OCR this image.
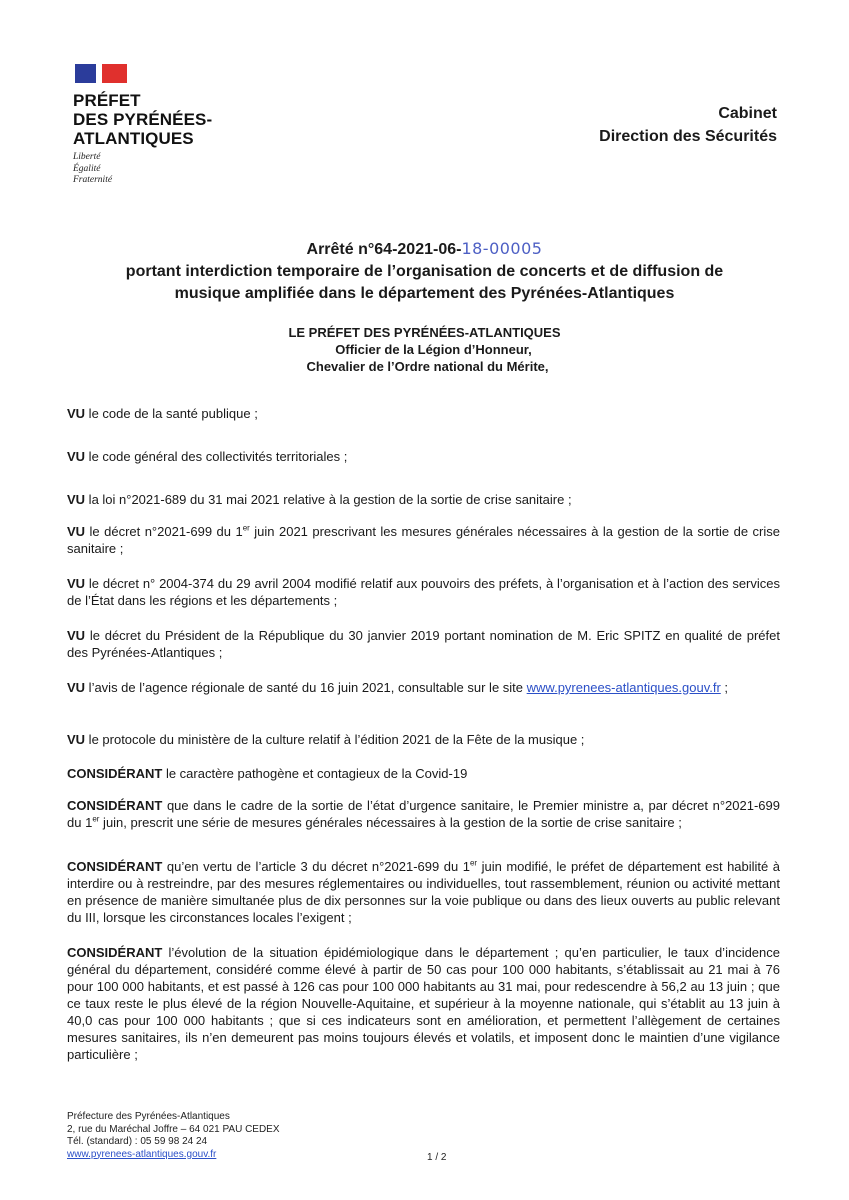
PRÉFET
DES PYRÉNÉES-
ATLANTIQUES
Liberté
Égalité
Fraternité
Cabinet
Direction des Sécurités
Arrêté n°64-2021-06-18-00005
portant interdiction temporaire de l’organisation de concerts et de diffusion de
musique amplifiée dans le département des Pyrénées-Atlantiques
LE PRÉFET DES PYRÉNÉES-ATLANTIQUES
Officier de la Légion d’Honneur,
Chevalier de l’Ordre national du Mérite,
VU le code de la santé publique ;
VU le code général des collectivités territoriales ;
VU la loi n°2021-689 du 31 mai 2021 relative à la gestion de la sortie de crise sanitaire ;
VU le décret n°2021-699 du 1er juin 2021 prescrivant les mesures générales nécessaires à la gestion de la sortie de crise sanitaire ;
VU le décret n° 2004-374 du 29 avril 2004 modifié relatif aux pouvoirs des préfets, à l’organisation et à l’action des services de l’État dans les régions et les départements ;
VU le décret du Président de la République du 30 janvier 2019 portant nomination de M. Eric SPITZ en qualité de préfet des Pyrénées-Atlantiques ;
VU l’avis de l’agence régionale de santé du 16 juin 2021, consultable sur le site www.pyrenees-atlantiques.gouv.fr ;
VU le protocole du ministère de la culture relatif à l’édition 2021 de la Fête de la musique ;
CONSIDÉRANT le caractère pathogène et contagieux de la Covid-19
CONSIDÉRANT que dans le cadre de la sortie de l’état d’urgence sanitaire, le Premier ministre a, par décret n°2021-699 du 1er juin, prescrit une série de mesures générales nécessaires à la gestion de la sortie de crise sanitaire ;
CONSIDÉRANT qu’en vertu de l’article 3 du décret n°2021-699 du 1er juin modifié, le préfet de département est habilité à interdire ou à restreindre, par des mesures réglementaires ou individuelles, tout rassemblement, réunion ou activité mettant en présence de manière simultanée plus de dix personnes sur la voie publique ou dans des lieux ouverts au public relevant du III, lorsque les circonstances locales l’exigent ;
CONSIDÉRANT l’évolution de la situation épidémiologique dans le département ; qu’en particulier, le taux d’incidence général du département, considéré comme élevé à partir de 50 cas pour 100 000 habitants, s’établissait au 21 mai à 76 pour 100 000 habitants, et est passé à 126 cas pour 100 000 habitants au 31 mai, pour redescendre à 56,2 au 13 juin ; que ce taux reste le plus élevé de la région Nouvelle-Aquitaine, et supérieur à la moyenne nationale, qui s’établit au 13 juin à 40,0 cas pour 100 000 habitants ; que si ces indicateurs sont en amélioration, et permettent l’allègement de certaines mesures sanitaires, ils n’en demeurent pas moins toujours élevés et volatils, et imposent donc le maintien d’une vigilance particulière ;
Préfecture des Pyrénées-Atlantiques
2, rue du Maréchal Joffre – 64 021 PAU CEDEX
Tél. (standard) : 05 59 98 24 24
www.pyrenees-atlantiques.gouv.fr	1 / 2
